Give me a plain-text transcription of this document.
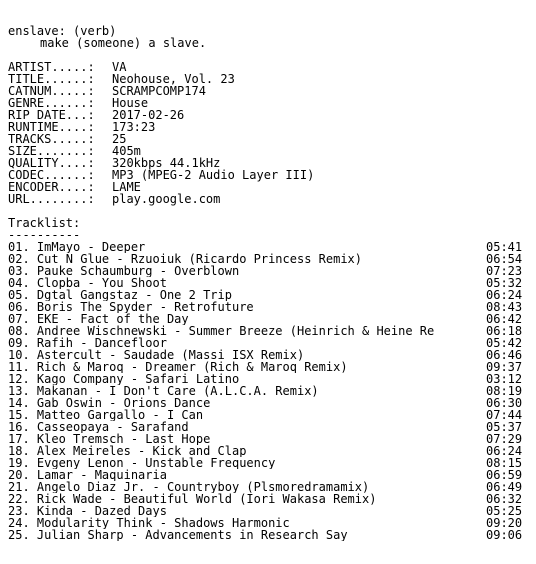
enslave: (verb)
make (someone) a slave.
ARTIST.....:	VA
TITLE......:	Neohouse, Vol. 23
CATNUM.....:	SCRAMPCOMP174
GENRE......:	House
RIP DATE...:	2017-02-26
RUNTIME....:	173:23
TRACKS.....:	25
SIZE.......:	405m
QUALITY....:	320kbps 44.1kHz
CODEC......:	MP3 (MPEG-2 Audio Layer III)
ENCODER....:	LAME
URL........:	play.google.com
Tracklist:
----------
01. ImMayo - Deeper	05:41
02. Cut N Glue - Rzuoiuk (Ricardo Princess Remix)	06:54
03. Pauke Schaumburg - Overblown	07:23
04. Clopba - You Shoot	05:32
05. Dgtal Gangstaz - One 2 Trip	06:24
06. Boris The Spyder - Retrofuture	08:43
07. EKE - Fact of the Day	06:42
08. Andree Wischnewski - Summer Breeze (Heinrich & Heine Re	06:18
09. Rafih - Dancefloor	05:42
10. Astercult - Saudade (Massi ISX Remix)	06:46
11. Rich & Maroq - Dreamer (Rich & Maroq Remix)	09:37
12. Kago Company - Safari Latino	03:12
13. Makanan - I Don't Care (A.L.C.A. Remix)	08:19
14. Gab Oswin - Orions Dance	06:30
15. Matteo Gargallo - I Can	07:44
16. Casseopaya - Sarafand	05:37
17. Kleo Tremsch - Last Hope	07:29
18. Alex Meireles - Kick and Clap	06:24
19. Evgeny Lenon - Unstable Frequency	08:15
20. Lamar - Maquinaria	06:59
21. Angelo Diaz Jr. - Countryboy (Plsmoredramamix)	06:49
22. Rick Wade - Beautiful World (Iori Wakasa Remix)	06:32
23. Kinda - Dazed Days	05:25
24. Modularity Think - Shadows Harmonic	09:20
25. Julian Sharp - Advancements in Research Say	09:06
